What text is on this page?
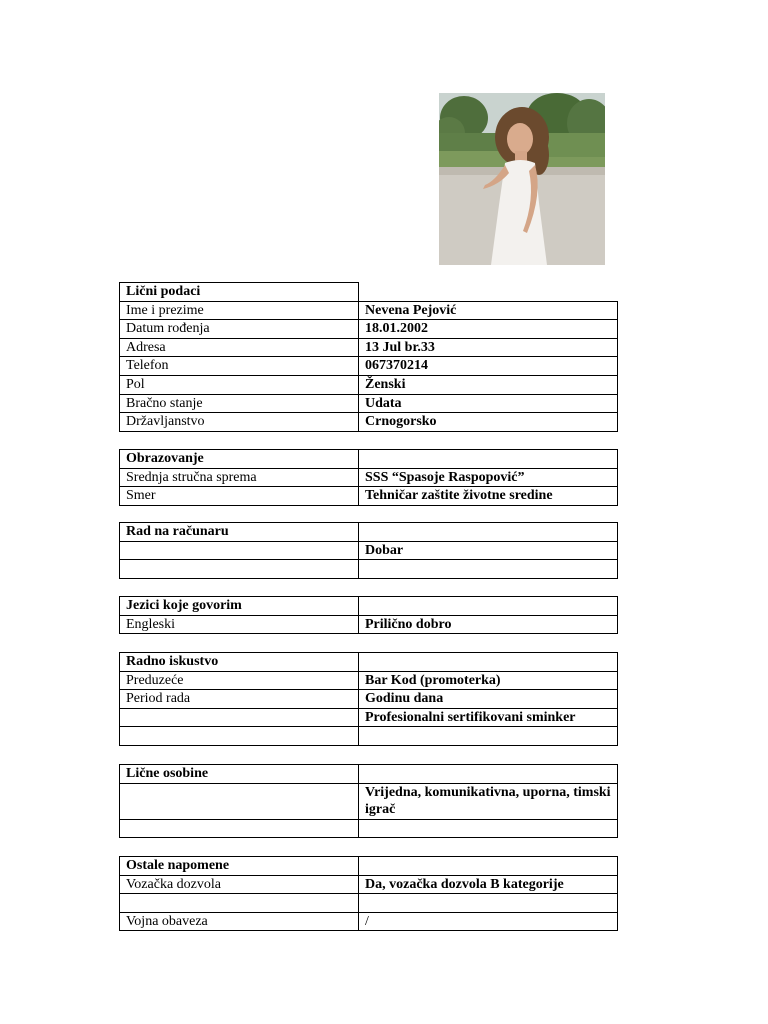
Lični podaci	
Ime i prezime	Nevena Pejović
Datum rođenja	18.01.2002
Adresa	13 Jul br.33
Telefon	067370214
Pol	Ženski
Bračno stanje	Udata
Državljanstvo	Crnogorsko
Obrazovanje	
Srednja stručna sprema	SSS “Spasoje Raspopović”
Smer	Tehničar zaštite životne sredine
Rad na računaru	
	Dobar

Jezici koje govorim	
Engleski	Prilično dobro
Radno iskustvo	
Preduzeće	Bar Kod (promoterka)
Period rada	Godinu dana
	Profesionalni sertifikovani sminker

Lične osobine	
	Vrijedna, komunikativna, uporna, timski igrač

Ostale napomene	
Vozačka dozvola	Da, vozačka dozvola B kategorije

Vojna obaveza	/
